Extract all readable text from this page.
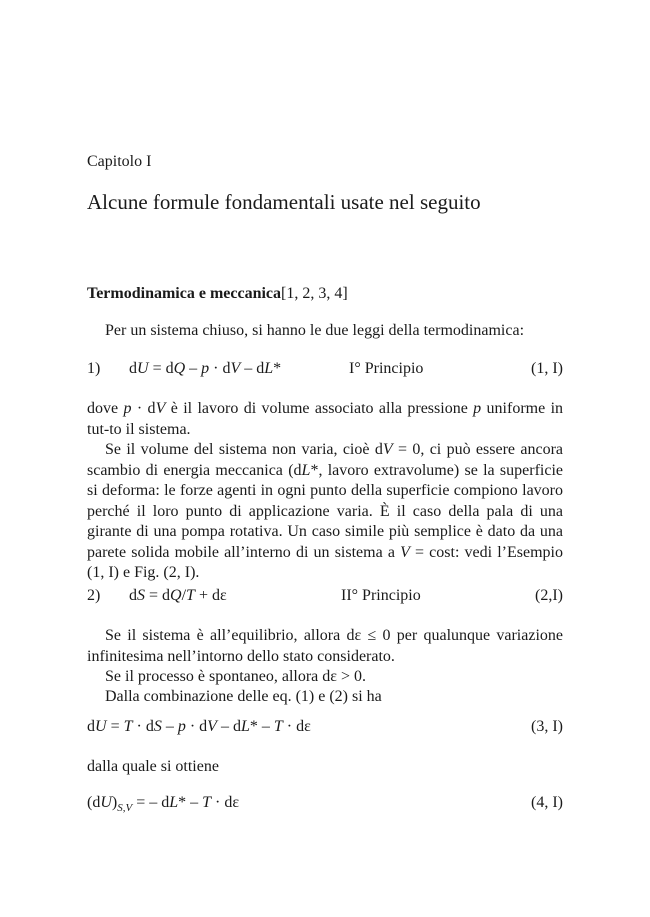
Capitolo I
Alcune formule fondamentali usate nel seguito
Termodinamica e meccanica[1, 2, 3, 4]
Per un sistema chiuso, si hanno le due leggi della termodinamica:
1) dU = dQ – p · dV – dL*	I° Principio	(1, I)
dove p · dV è il lavoro di volume associato alla pressione p uniforme in tut-to il sistema.
Se il volume del sistema non varia, cioè dV = 0, ci può essere ancora scambio di energia meccanica (dL*, lavoro extravolume) se la superficie si deforma: le forze agenti in ogni punto della superficie compiono lavoro perché il loro punto di applicazione varia. È il caso della pala di una girante di una pompa rotativa. Un caso simile più semplice è dato da una parete solida mobile all’interno di un sistema a V = cost: vedi l’Esempio (1, I) e Fig. (2, I).
2) dS = dQ/T + dε	II° Principio	(2,I)
Se il sistema è all’equilibrio, allora dε ≤ 0 per qualunque variazione infinitesima nell’intorno dello stato considerato.
Se il processo è spontaneo, allora dε > 0.
Dalla combinazione delle eq. (1) e (2) si ha
dU = T · dS – p · dV – dL* – T · dε	(3, I)
dalla quale si ottiene
$(dU)_{S,V}$ = – dL* – T · dε	(4, I)
